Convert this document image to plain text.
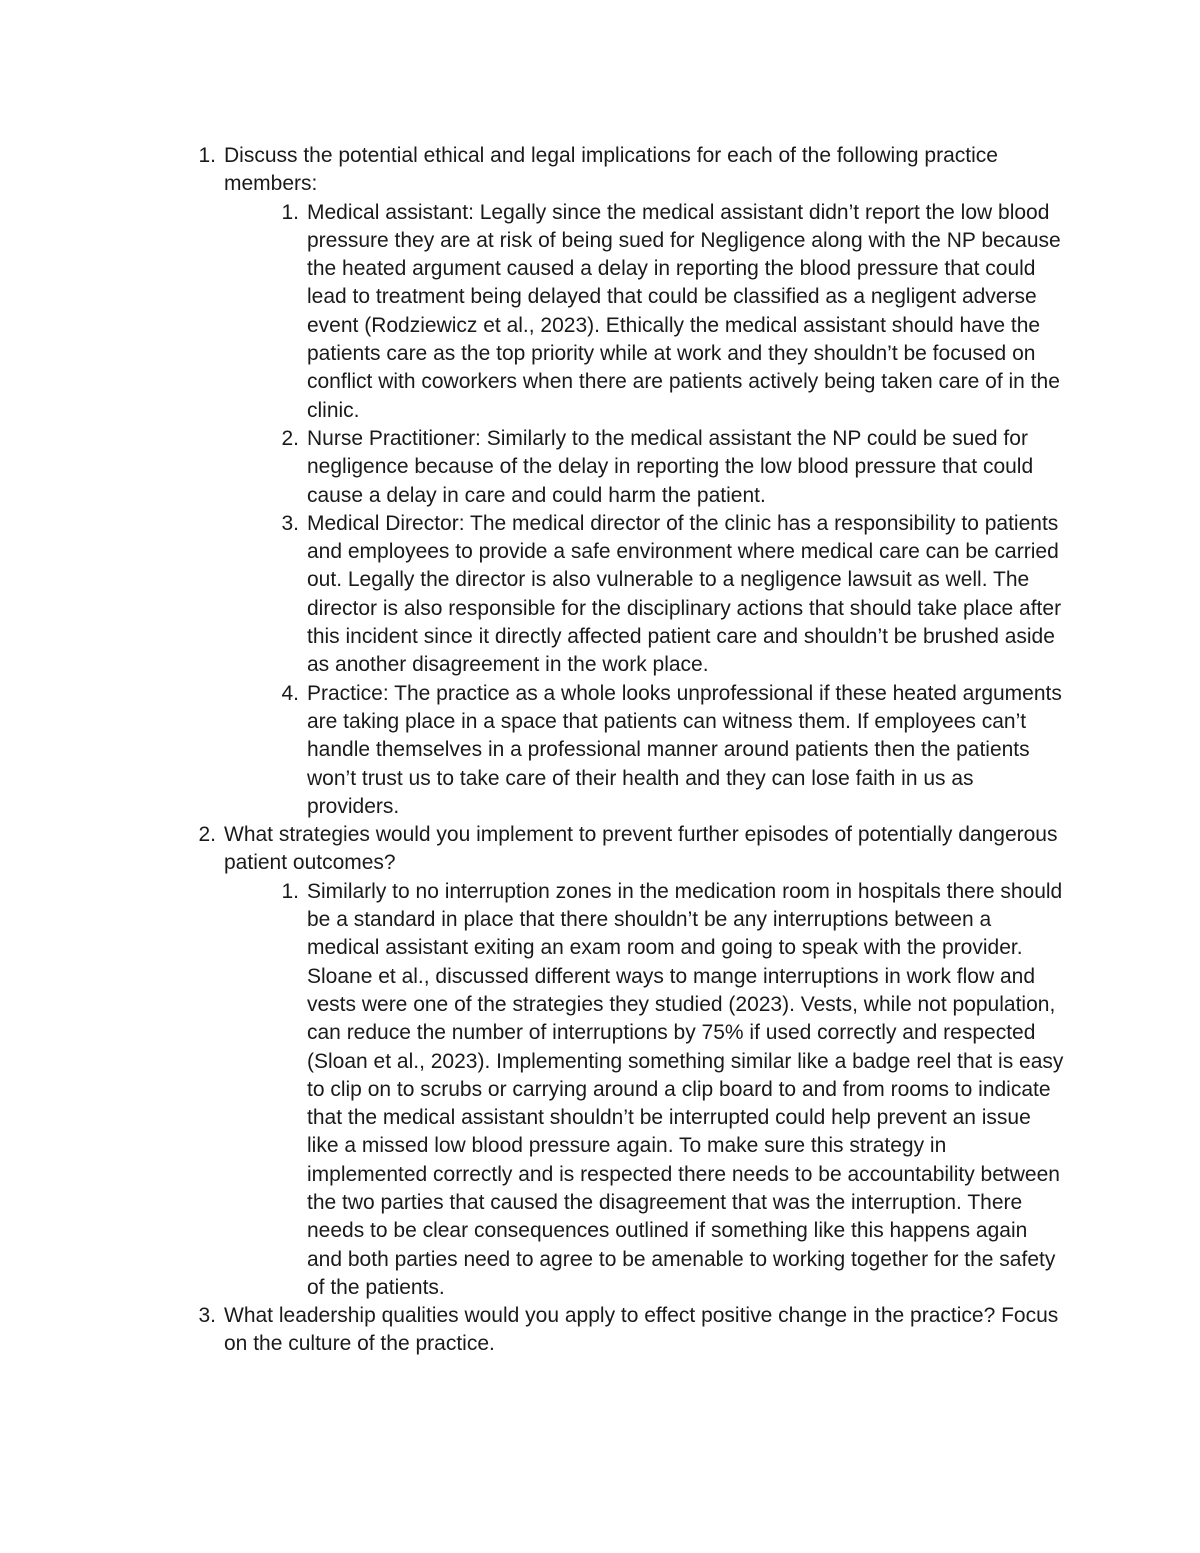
1. Discuss the potential ethical and legal implications for each of the following practice members:
1. Medical assistant: Legally since the medical assistant didn’t report the low blood pressure they are at risk of being sued for Negligence along with the NP because the heated argument caused a delay in reporting the blood pressure that could lead to treatment being delayed that could be classified as a negligent adverse event (Rodziewicz et al., 2023). Ethically the medical assistant should have the patients care as the top priority while at work and they shouldn’t be focused on conflict with coworkers when there are patients actively being taken care of in the clinic.
2. Nurse Practitioner: Similarly to the medical assistant the NP could be sued for negligence because of the delay in reporting the low blood pressure that could cause a delay in care and could harm the patient.
3. Medical Director: The medical director of the clinic has a responsibility to patients and employees to provide a safe environment where medical care can be carried out. Legally the director is also vulnerable to a negligence lawsuit as well. The director is also responsible for the disciplinary actions that should take place after this incident since it directly affected patient care and shouldn’t be brushed aside as another disagreement in the work place.
4. Practice: The practice as a whole looks unprofessional if these heated arguments are taking place in a space that patients can witness them. If employees can’t handle themselves in a professional manner around patients then the patients won’t trust us to take care of their health and they can lose faith in us as providers.
2. What strategies would you implement to prevent further episodes of potentially dangerous patient outcomes?
1. Similarly to no interruption zones in the medication room in hospitals there should be a standard in place that there shouldn’t be any interruptions between a medical assistant exiting an exam room and going to speak with the provider. Sloane et al., discussed different ways to mange interruptions in work flow and vests were one of the strategies they studied (2023). Vests, while not population, can reduce the number of interruptions by 75% if used correctly and respected (Sloan et al., 2023). Implementing something similar like a badge reel that is easy to clip on to scrubs or carrying around a clip board to and from rooms to indicate that the medical assistant shouldn’t be interrupted could help prevent an issue like a missed low blood pressure again. To make sure this strategy in implemented correctly and is respected there needs to be accountability between the two parties that caused the disagreement that was the interruption. There needs to be clear consequences outlined if something like this happens again and both parties need to agree to be amenable to working together for the safety of the patients.
3. What leadership qualities would you apply to effect positive change in the practice? Focus on the culture of the practice.
